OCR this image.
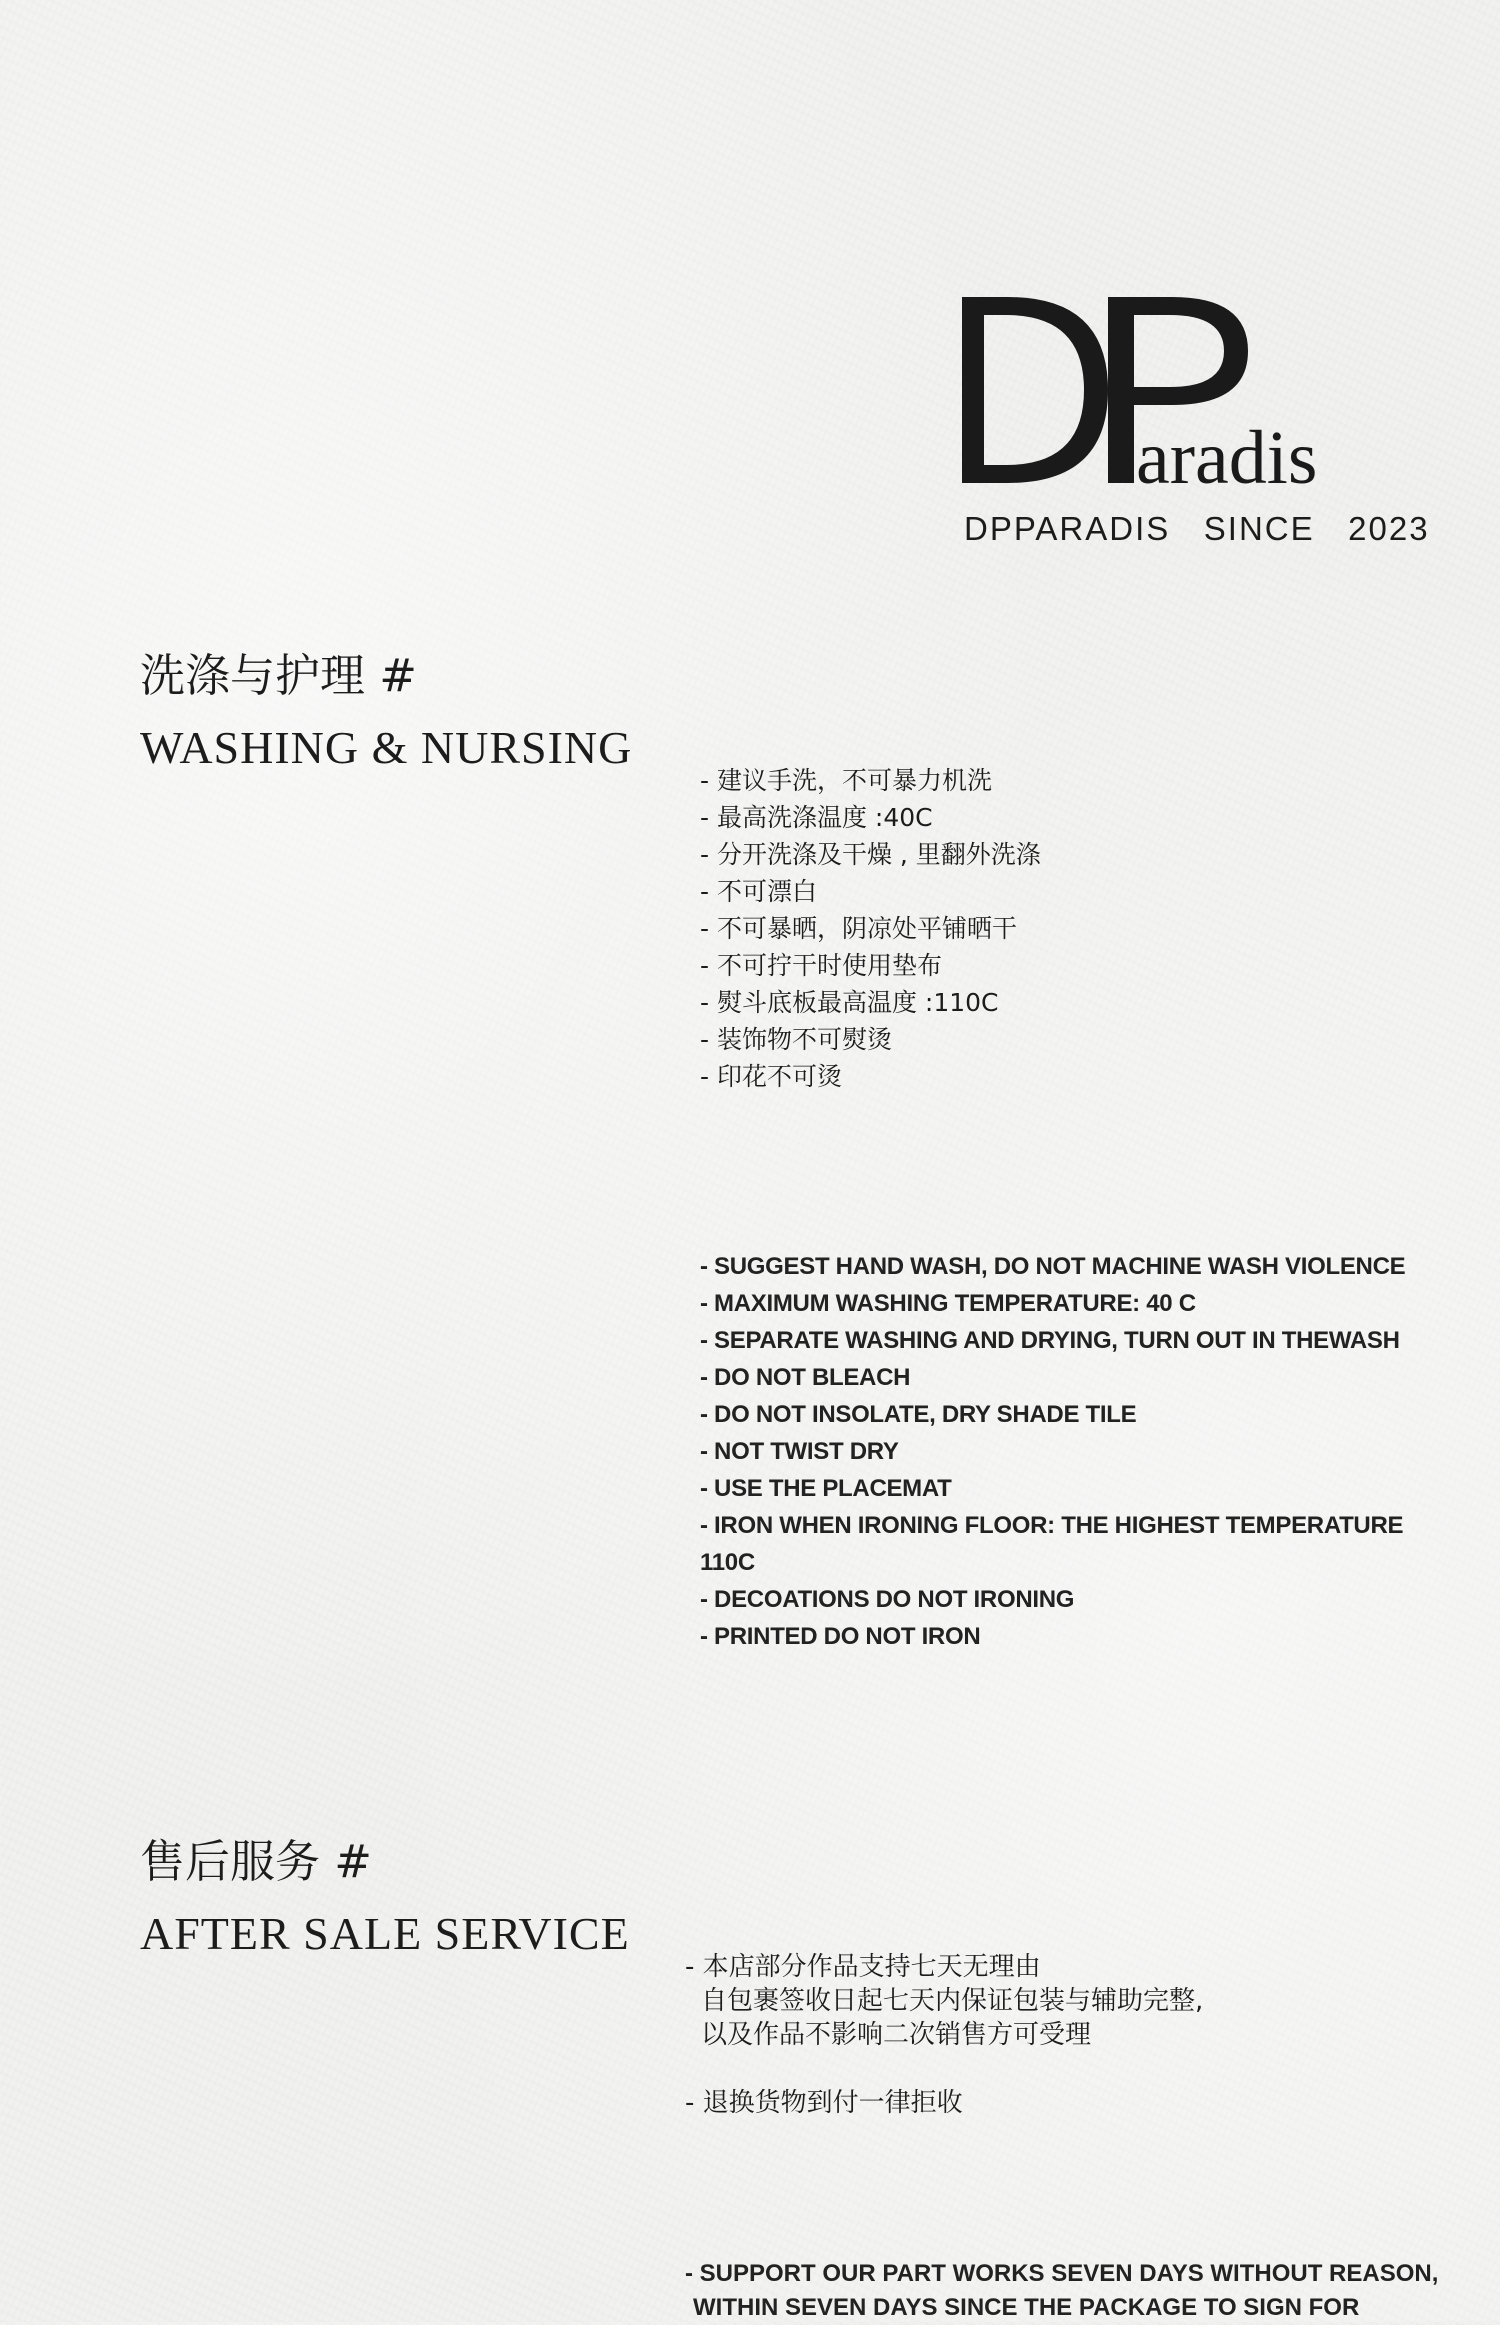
aradis
DPPARADIS   SINCE   2023
洗涤与护理 #
WASHING & NURSING
- 建议手洗，不可暴力机洗
- 最高洗涤温度 :40C
- 分开洗涤及干燥 , 里翻外洗涤
- 不可漂白
- 不可暴晒，阴凉处平铺晒干
- 不可拧干时使用垫布
- 熨斗底板最高温度 :110C
- 装饰物不可熨烫
- 印花不可烫
- SUGGEST HAND WASH, DO NOT MACHINE WASH VIOLENCE
- MAXIMUM WASHING TEMPERATURE: 40 C
- SEPARATE WASHING AND DRYING, TURN OUT IN THEWASH
- DO NOT BLEACH
- DO NOT INSOLATE, DRY SHADE TILE
- NOT TWIST DRY
- USE THE PLACEMAT
- IRON WHEN IRONING FLOOR: THE HIGHEST TEMPERATURE
110C
- DECOATIONS DO NOT IRONING
- PRINTED DO NOT IRON
售后服务 #
AFTER SALE SERVICE
- 本店部分作品支持七天无理由
自包裹签收日起七天内保证包装与辅助完整,
以及作品不影响二次销售方可受理
- 退换货物到付一律拒收
- SUPPORT OUR PART WORKS SEVEN DAYS WITHOUT REASON,
WITHIN SEVEN DAYS SINCE THE PACKAGE TO SIGN FOR
